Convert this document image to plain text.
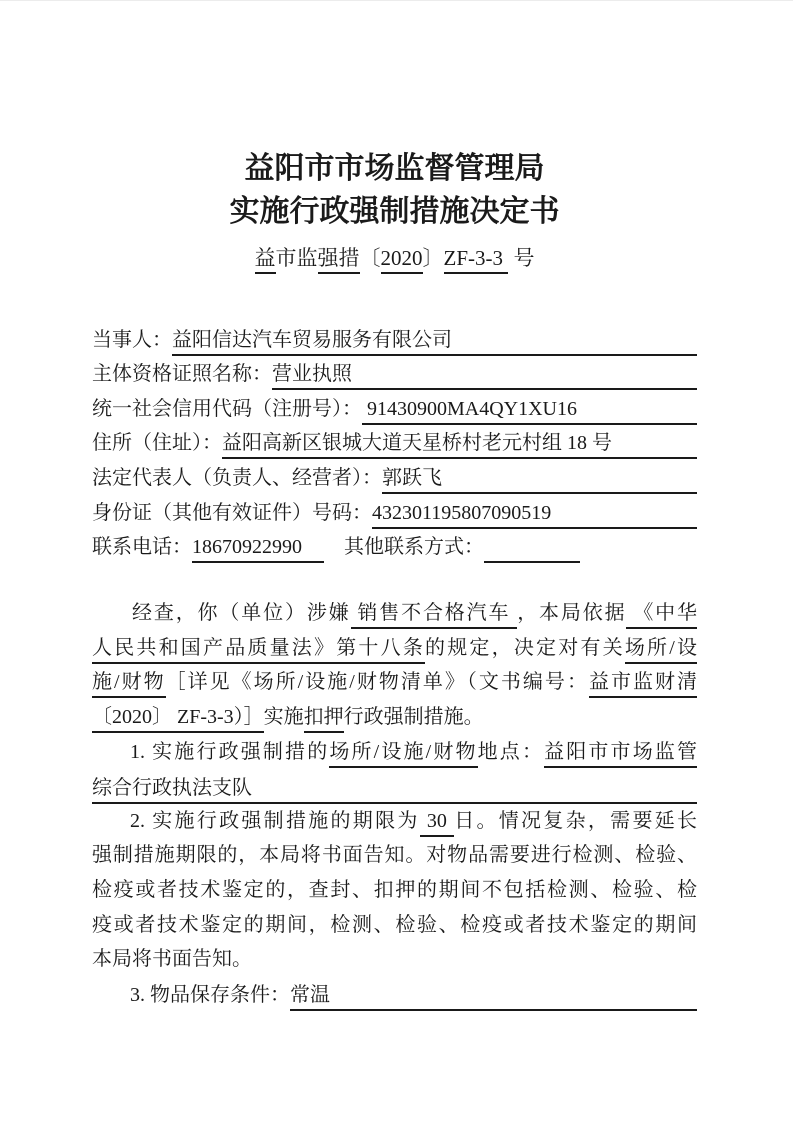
益阳市市场监督管理局
实施行政强制措施决定书
益市监强措〔2020〕ZF-3-3  号
当事人： 益阳信达汽车贸易服务有限公司
主体资格证照名称： 营业执照
统一社会信用代码（注册号）： 91430900MA4QY1XU16
住所（住址）： 益阳高新区银城大道天星桥村老元村组 18 号
法定代表人（负责人、经营者）： 郭跃飞
身份证（其他有效证件）号码： 432301195807090519
联系电话： 18670922990
　	其他联系方式：
经查，你（单位）涉嫌 销售不合格汽车 ，本局依据 《中华
人民共和国产品质量法》第十八条的规定，决定对有关场所/设
施/财物［详见《场所/设施/财物清单》（文书编号：益市监财清
〔2020〕 ZF-3-3）］实施扣押行政强制措施。
1. 实施行政强制措的场所/设施/财物地点：益阳市市场监管
综合行政执法支队
2. 实施行政强制措施的期限为 30 日。情况复杂，需要延长
强制措施期限的，本局将书面告知。对物品需要进行检测、检验、
检疫或者技术鉴定的，查封、扣押的期间不包括检测、检验、检
疫或者技术鉴定的期间，检测、检验、检疫或者技术鉴定的期间
本局将书面告知。
3. 物品保存条件： 常温
